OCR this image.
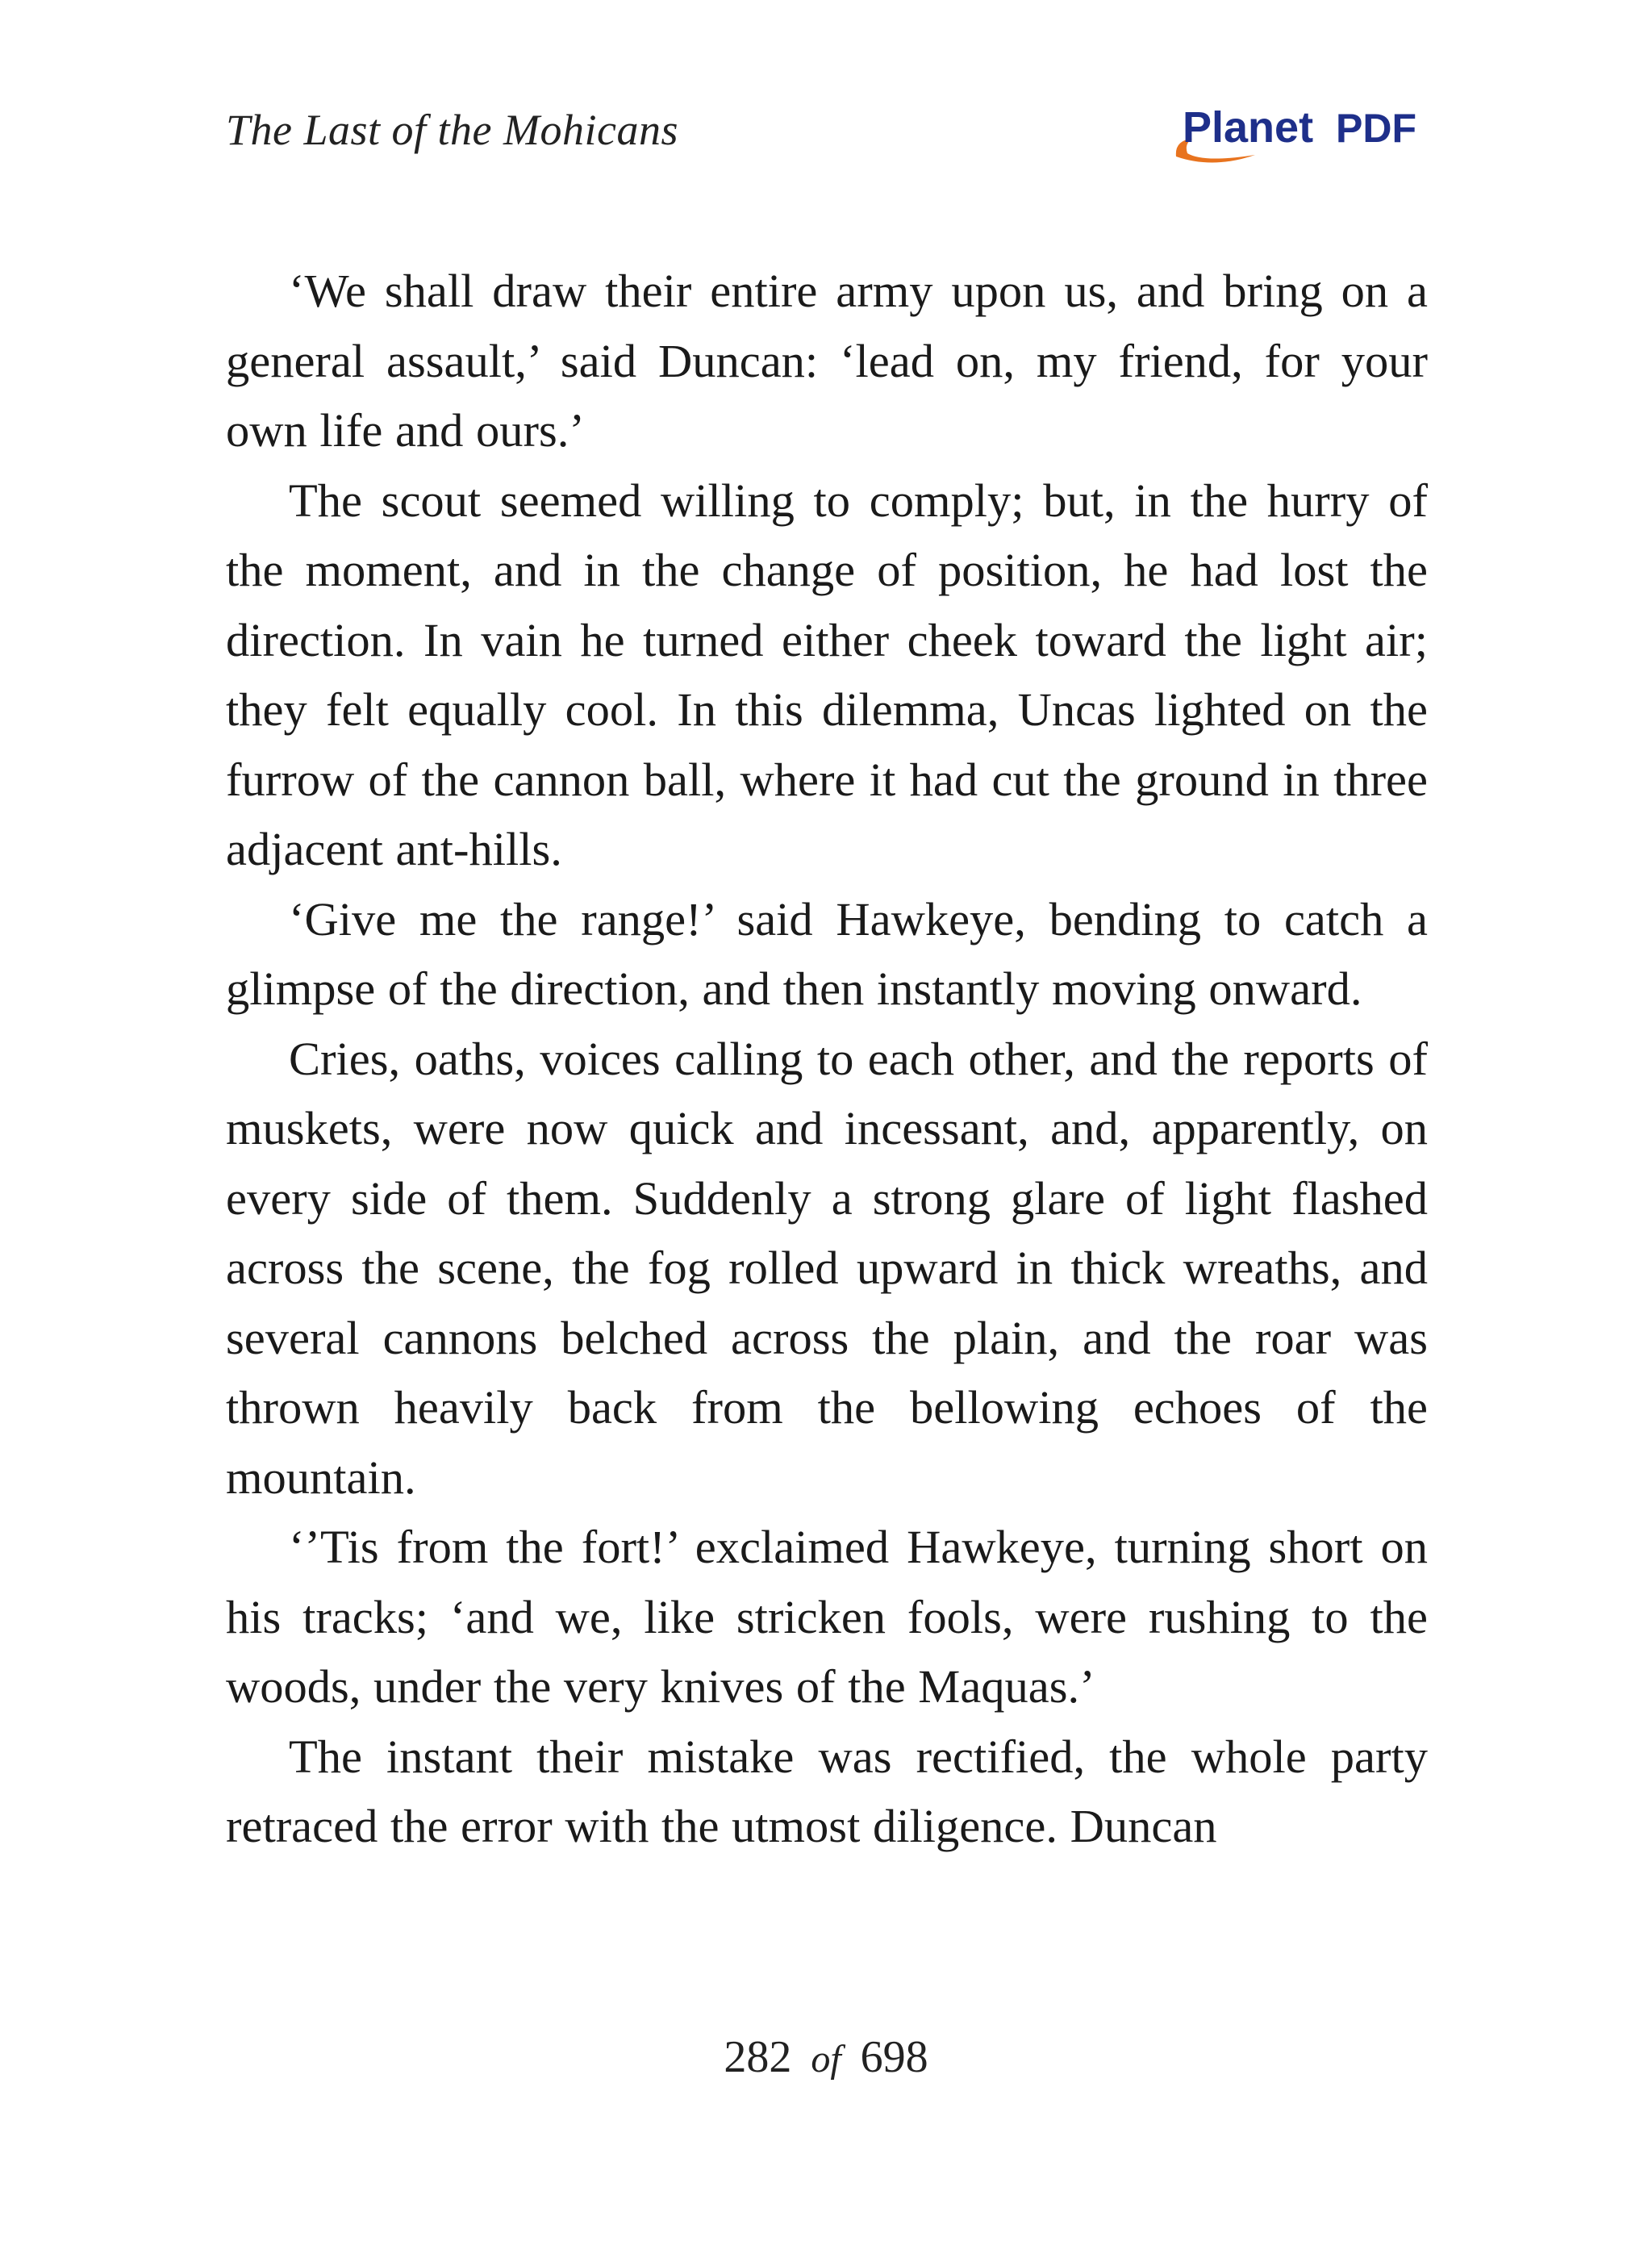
The Last of the Mohicans	Planet PDF

‘We shall draw their entire army upon us, and bring on a general assault,’ said Duncan: ‘lead on, my friend, for your own life and ours.’

The scout seemed willing to comply; but, in the hurry of the moment, and in the change of position, he had lost the direction. In vain he turned either cheek toward the light air; they felt equally cool. In this dilemma, Uncas lighted on the furrow of the cannon ball, where it had cut the ground in three adjacent ant-hills.

‘Give me the range!’ said Hawkeye, bending to catch a glimpse of the direction, and then instantly moving onward.

Cries, oaths, voices calling to each other, and the reports of muskets, were now quick and incessant, and, apparently, on every side of them. Suddenly a strong glare of light flashed across the scene, the fog rolled upward in thick wreaths, and several cannons belched across the plain, and the roar was thrown heavily back from the bellowing echoes of the mountain.

‘’Tis from the fort!’ exclaimed Hawkeye, turning short on his tracks; ‘and we, like stricken fools, were rushing to the woods, under the very knives of the Maquas.’

The instant their mistake was rectified, the whole party retraced the error with the utmost diligence. Duncan

282 of 698
